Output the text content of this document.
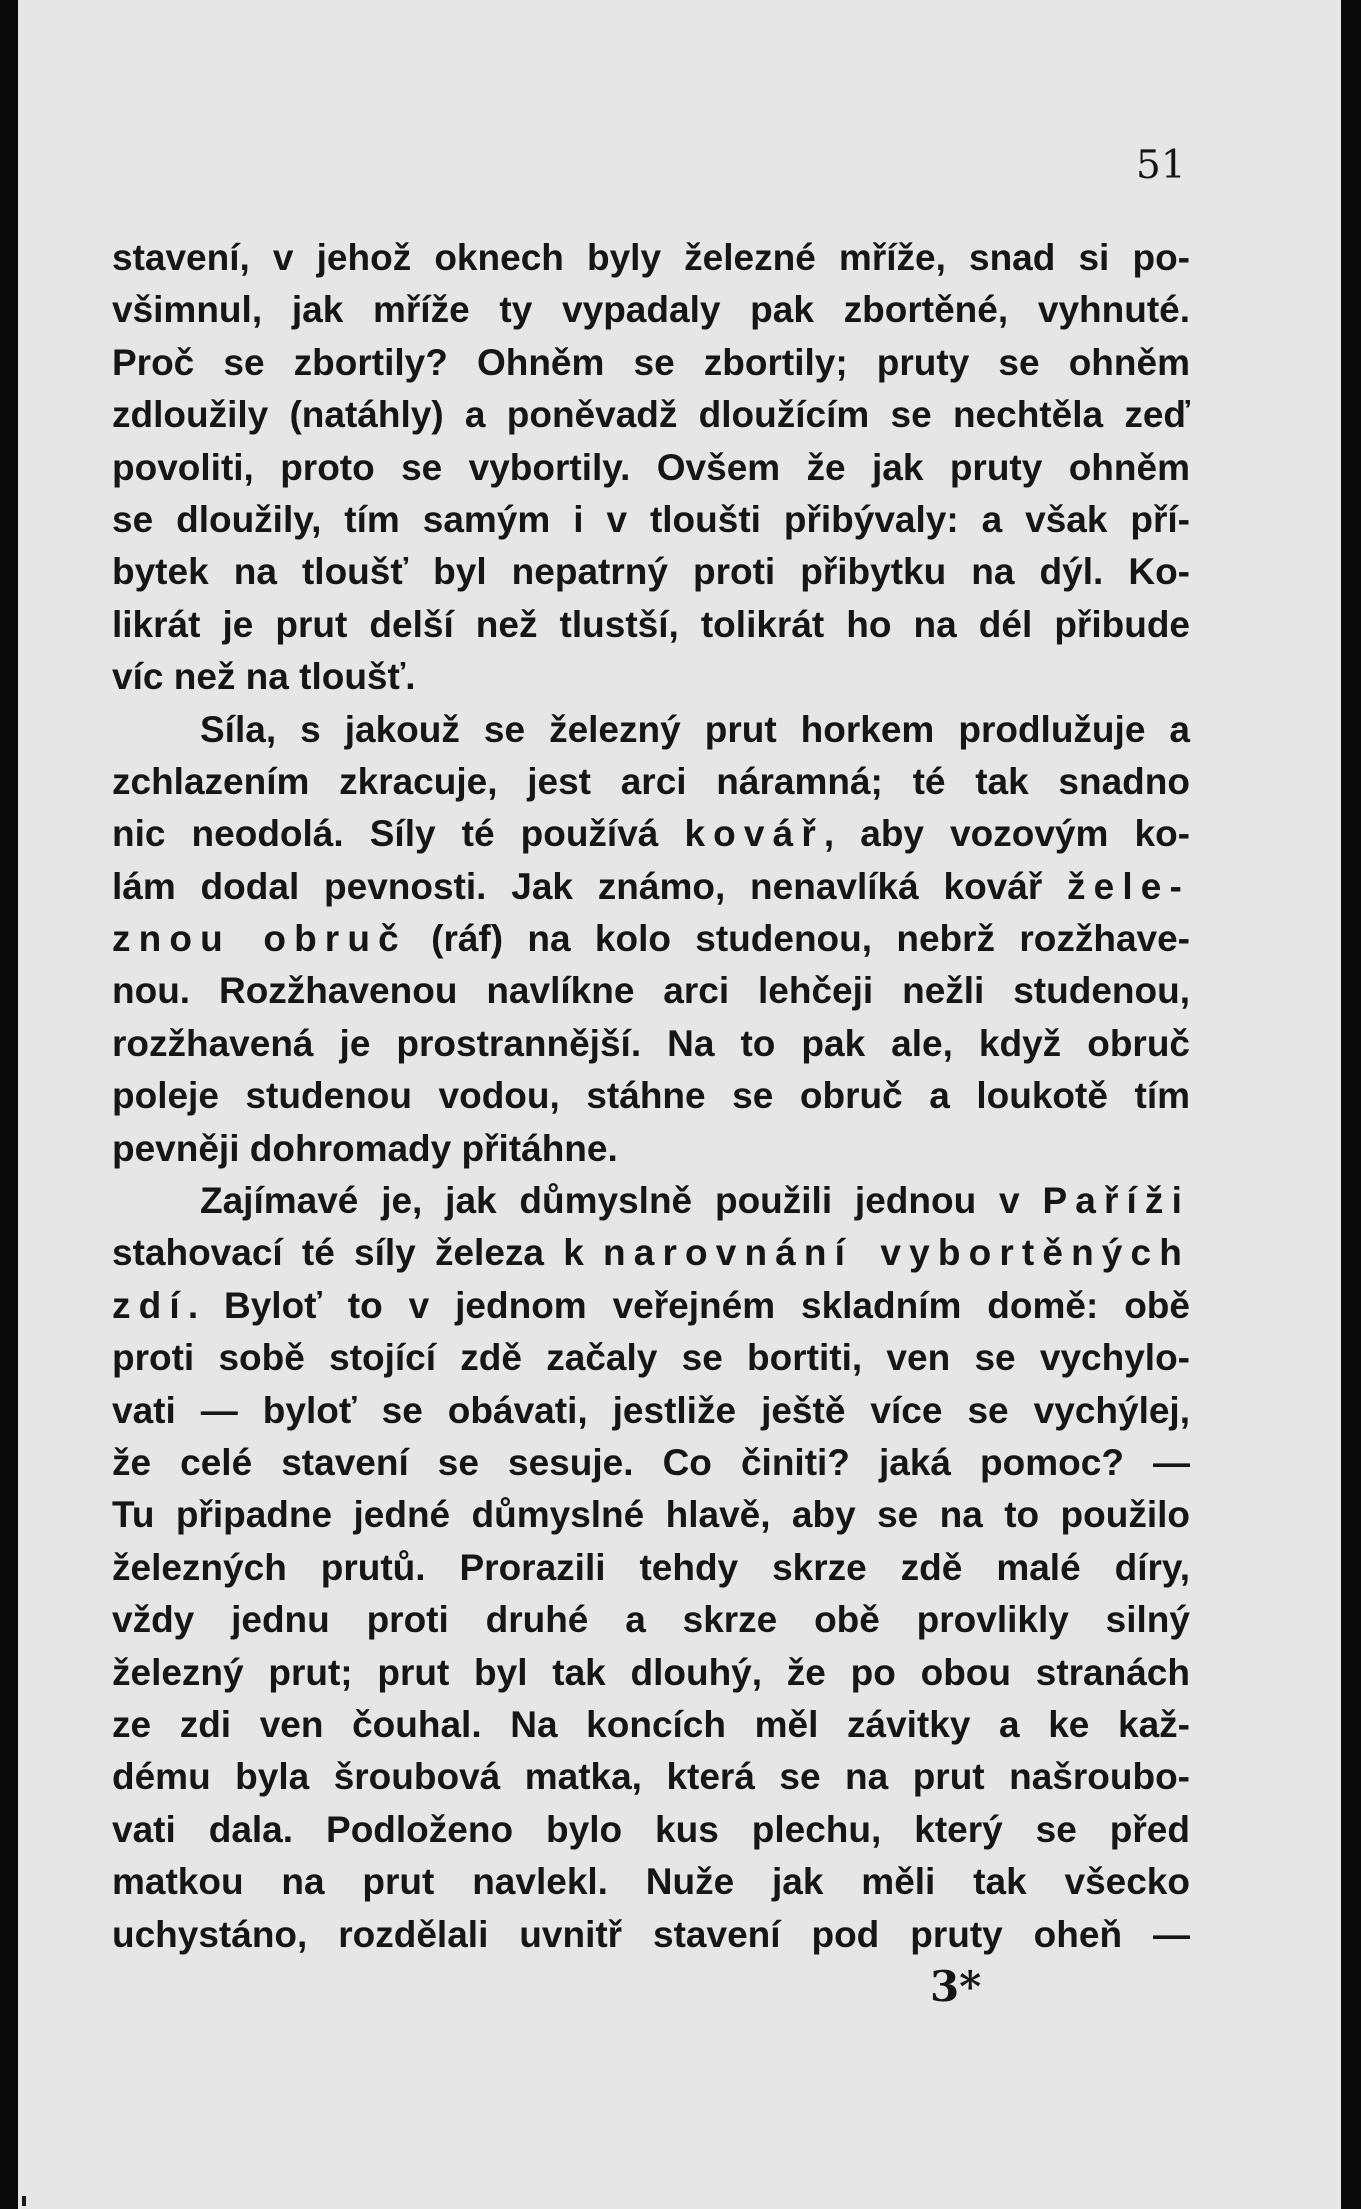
51
stavení, v jehož oknech byly železné mříže, snad si po-
všimnul, jak mříže ty vypadaly pak zbortěné, vyhnuté.
Proč se zbortily? Ohněm se zbortily; pruty se ohněm
zdloužily (natáhly) a poněvadž dloužícím se nechtěla zeď
povoliti, proto se vybortily. Ovšem že jak pruty ohněm
se dloužily, tím samým i v tloušti přibývaly: a však pří-
bytek na tloušť byl nepatrný proti přibytku na dýl. Ko-
likrát je prut delší než tlustší, tolikrát ho na dél přibude
víc než na tloušť.
Síla, s jakouž se železný prut horkem prodlužuje a
zchlazením zkracuje, jest arci náramná; té tak snadno
nic neodolá. Síly té používá kovář, aby vozovým ko-
lám dodal pevnosti. Jak známo, nenavlíká kovář žele-
znou obruč (ráf) na kolo studenou, nebrž rozžhave-
nou. Rozžhavenou navlíkne arci lehčeji nežli studenou,
rozžhavená je prostrannější. Na to pak ale, když obruč
poleje studenou vodou, stáhne se obruč a loukotě tím
pevněji dohromady přitáhne.
Zajímavé je, jak důmyslně použili jednou v Paříži
stahovací té síly železa k narovnání vybortěných
zdí. Byloť to v jednom veřejném skladním domě: obě
proti sobě stojící zdě začaly se bortiti, ven se vychylo-
vati — byloť se obávati, jestliže ještě více se vychýlej,
že celé stavení se sesuje. Co činiti? jaká pomoc? —
Tu připadne jedné důmyslné hlavě, aby se na to použilo
železných prutů. Prorazili tehdy skrze zdě malé díry,
vždy jednu proti druhé a skrze obě provlikly silný
železný prut; prut byl tak dlouhý, že po obou stranách
ze zdi ven čouhal. Na koncích měl závitky a ke kaž-
dému byla šroubová matka, která se na prut našroubo-
vati dala. Podloženo bylo kus plechu, který se před
matkou na prut navlekl. Nuže jak měli tak všecko
uchystáno, rozdělali uvnitř stavení pod pruty oheň —
3*
